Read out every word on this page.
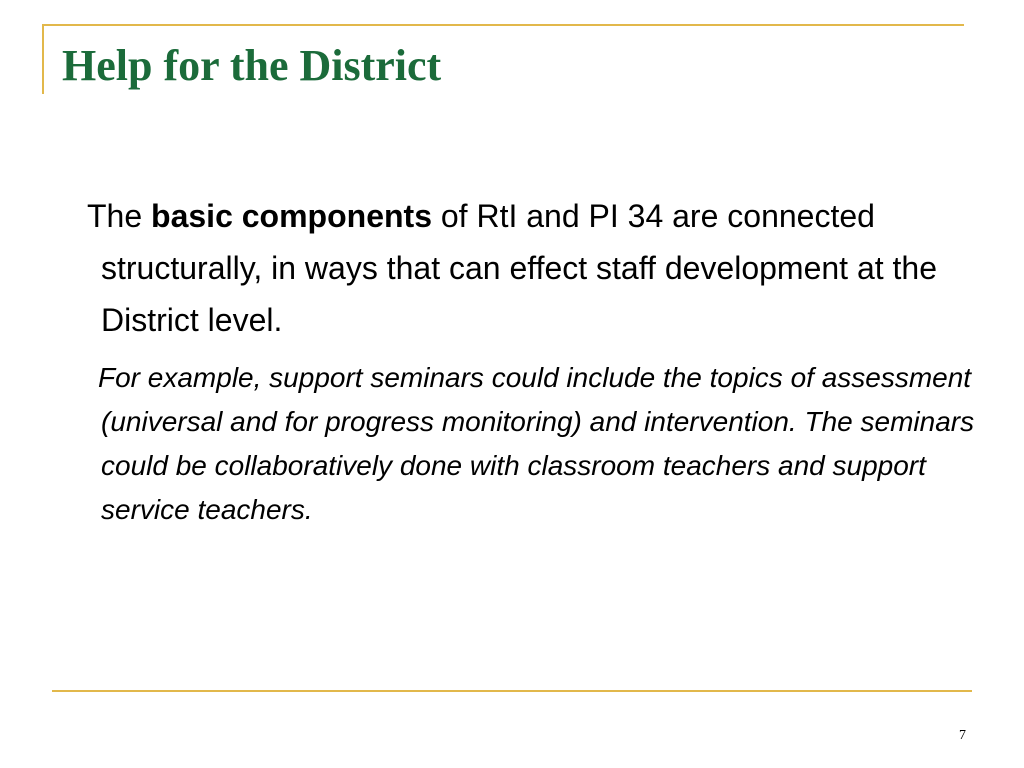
Help for the District

The basic components of RtI and PI 34 are connected structurally, in ways that can effect staff development at the District level.

For example, support seminars could include the topics of assessment (universal and for progress monitoring) and intervention. The seminars could be collaboratively done with classroom teachers and support service teachers.

7
